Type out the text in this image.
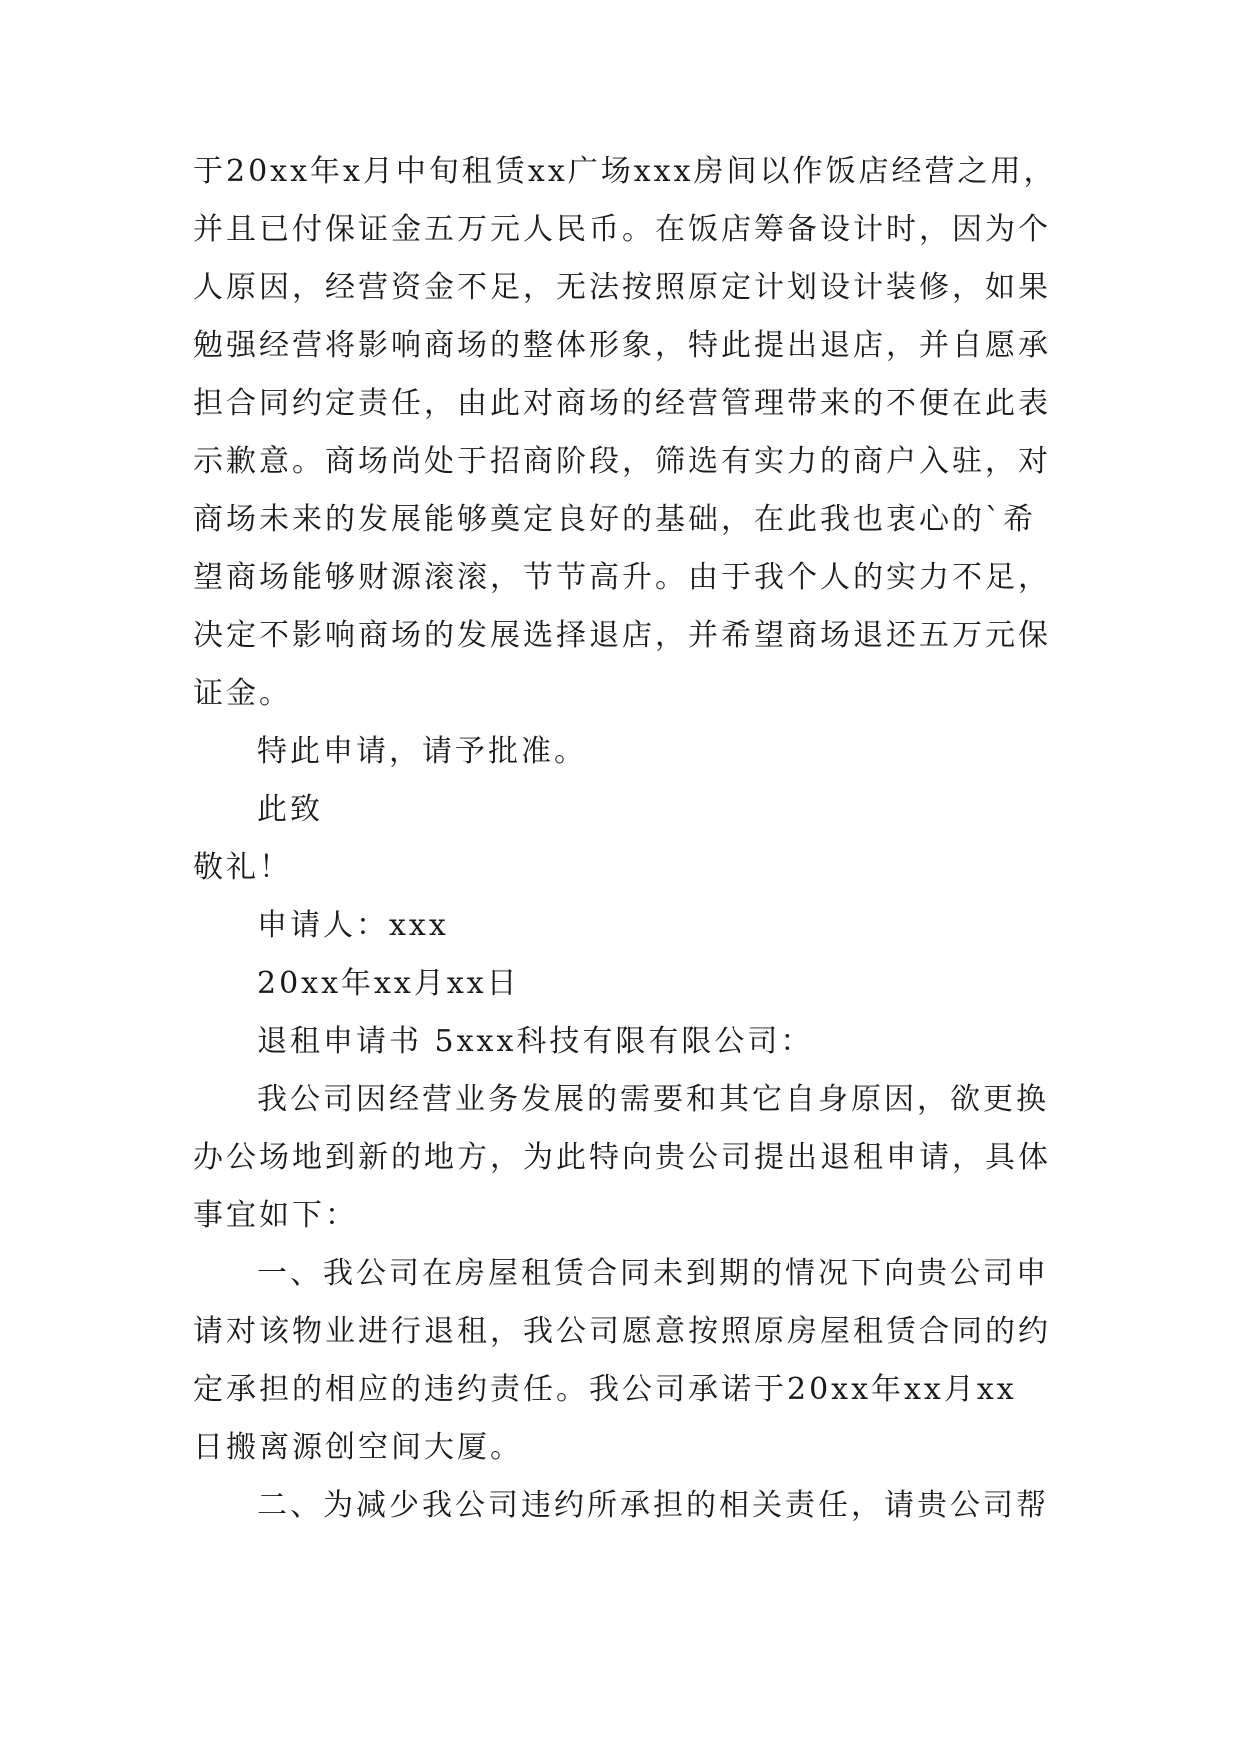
于20xx年x月中旬租赁xx广场xxx房间以作饭店经营之用，
并且已付保证金五万元人民币。在饭店筹备设计时，因为个
人原因，经营资金不足，无法按照原定计划设计装修，如果
勉强经营将影响商场的整体形象，特此提出退店，并自愿承
担合同约定责任，由此对商场的经营管理带来的不便在此表
示歉意。商场尚处于招商阶段，筛选有实力的商户入驻，对
商场未来的发展能够奠定良好的基础，在此我也衷心的`希
望商场能够财源滚滚，节节高升。由于我个人的实力不足，
决定不影响商场的发展选择退店，并希望商场退还五万元保
证金。
特此申请，请予批准。
此致
敬礼！
申请人：xxx
20xx年xx月xx日
退租申请书 5xxx科技有限有限公司：
我公司因经营业务发展的需要和其它自身原因，欲更换
办公场地到新的地方，为此特向贵公司提出退租申请，具体
事宜如下：
一、我公司在房屋租赁合同未到期的情况下向贵公司申
请对该物业进行退租，我公司愿意按照原房屋租赁合同的约
定承担的相应的违约责任。我公司承诺于20xx年xx月xx
日搬离源创空间大厦。
二、为减少我公司违约所承担的相关责任，请贵公司帮
